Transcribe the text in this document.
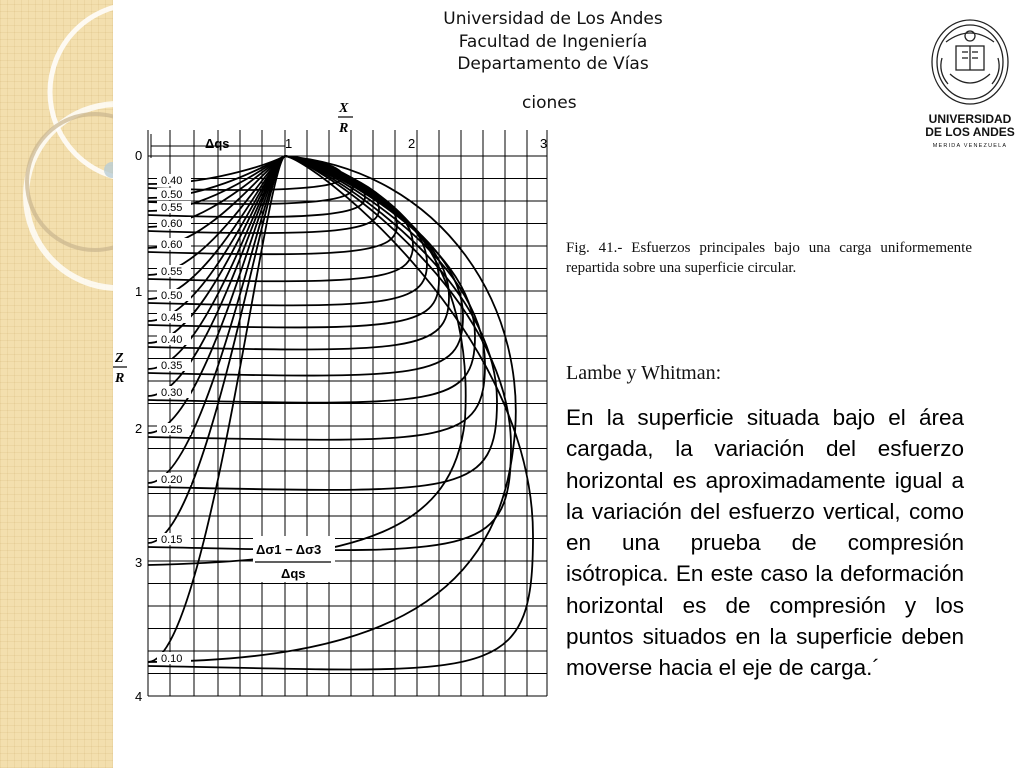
Universidad de Los Andes
Facultad de Ingeniería
Departamento de Vías
Δqs
X
R
1	2	3
0
1
2
3
4
Z
R
0.40
0.50
0.55
0.60
0.60
0.55
0.50
0.45
0.40
0.35
0.30
0.25
0.20
0.15
0.10
Δσ1 − Δσ3
Δqs
ciones
UNIVERSIDAD
DE LOS ANDES
MERIDA VENEZUELA
Fig. 41.- Esfuerzos principales bajo una carga uniformemente repartida sobre una superficie circular.
Lambe y Whitman:
En la superficie situada bajo el área cargada, la variación del esfuerzo horizontal es aproximadamente igual a la variación del esfuerzo vertical, como en una prueba de compresión isótropica. En este caso la deformación horizontal es de compresión y los puntos situados en la superficie deben moverse hacia el eje de carga.´
